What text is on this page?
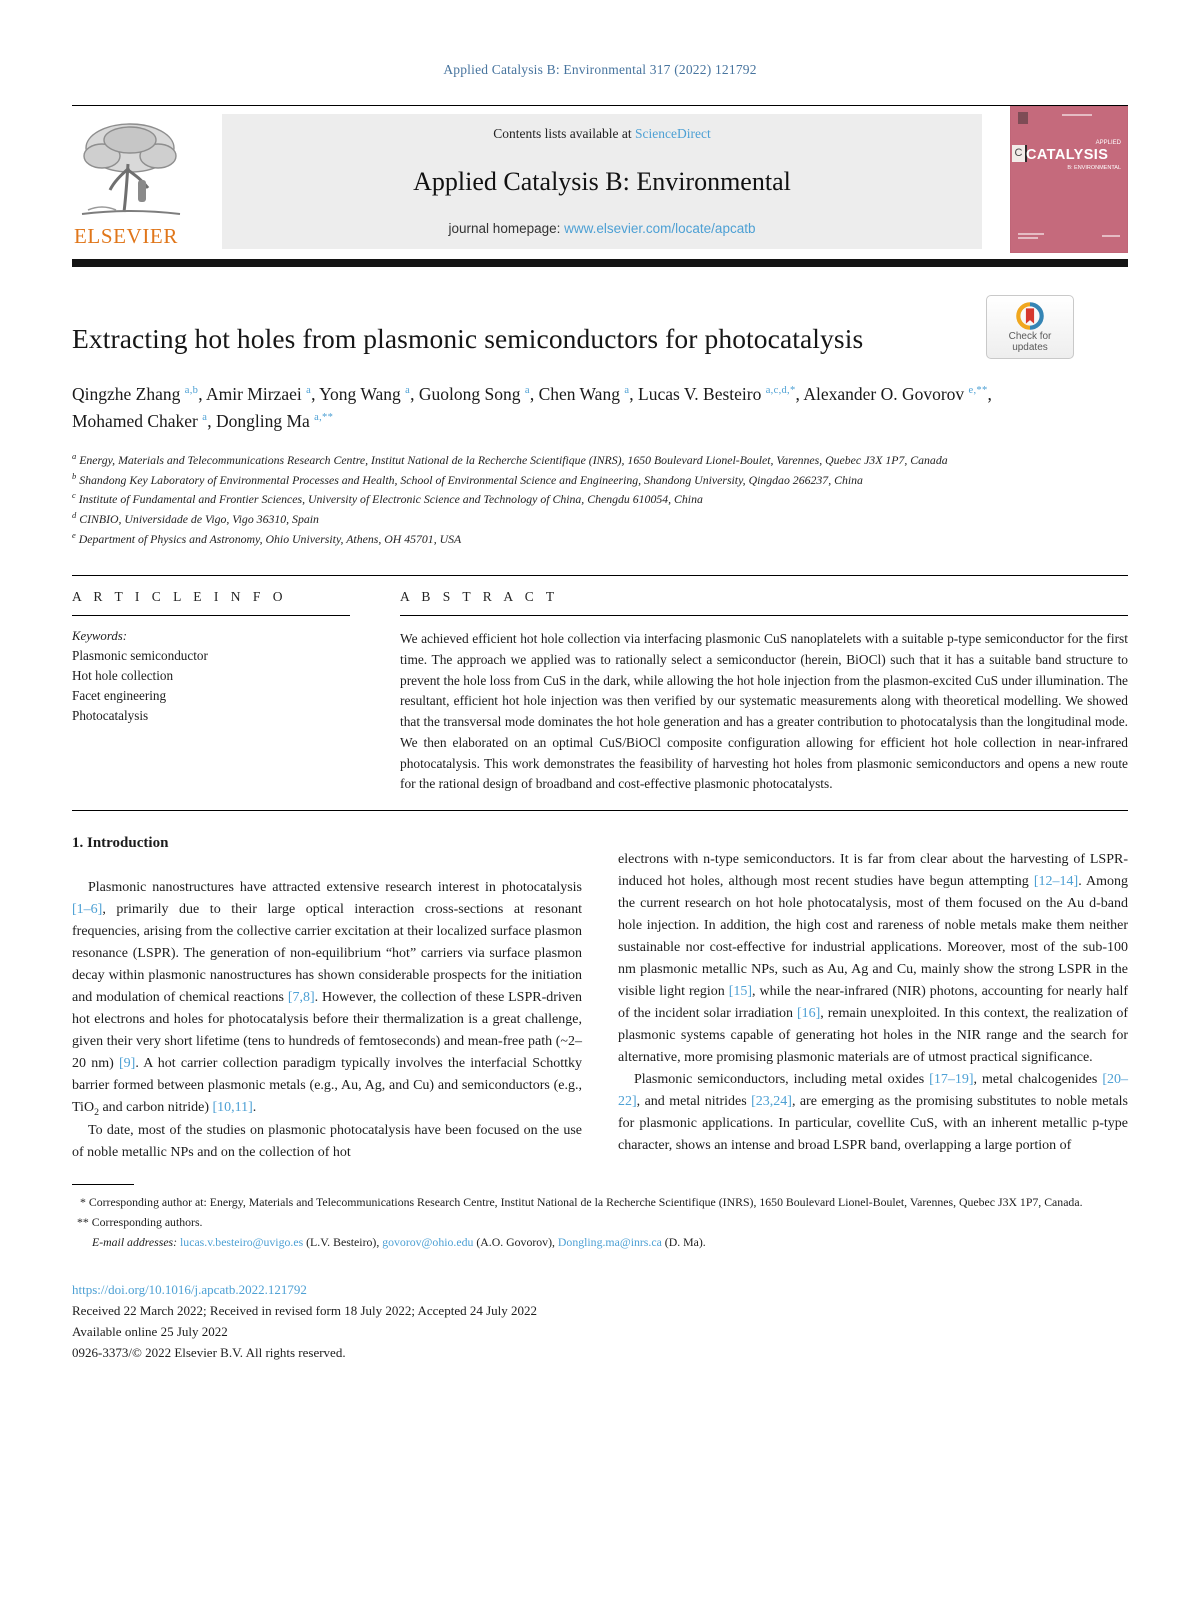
Applied Catalysis B: Environmental 317 (2022) 121792
ELSEVIER
Contents lists available at ScienceDirect
Applied Catalysis B: Environmental
journal homepage: www.elsevier.com/locate/apcatb
APPLIED
C CATALYSIS
B: ENVIRONMENTAL
Extracting hot holes from plasmonic semiconductors for photocatalysis
Qingzhe Zhang $^{a,b}$, Amir Mirzaei $^a$, Yong Wang $^a$, Guolong Song $^a$, Chen Wang $^a$, Lucas V. Besteiro $^{a,c,d,*}$, Alexander O. Govorov $^{e,**}$, Mohamed Chaker $^a$, Dongling Ma $^{a,**}$
$^a$ Energy, Materials and Telecommunications Research Centre, Institut National de la Recherche Scientifique (INRS), 1650 Boulevard Lionel-Boulet, Varennes, Quebec J3X 1P7, Canada
$^b$ Shandong Key Laboratory of Environmental Processes and Health, School of Environmental Science and Engineering, Shandong University, Qingdao 266237, China
$^c$ Institute of Fundamental and Frontier Sciences, University of Electronic Science and Technology of China, Chengdu 610054, China
$^d$ CINBIO, Universidade de Vigo, Vigo 36310, Spain
$^e$ Department of Physics and Astronomy, Ohio University, Athens, OH 45701, USA
A R T I C L E I N F O
Keywords:
Plasmonic semiconductor
Hot hole collection
Facet engineering
Photocatalysis
A B S T R A C T

We achieved efficient hot hole collection via interfacing plasmonic CuS nanoplatelets with a suitable p-type semiconductor for the first time. The approach we applied was to rationally select a semiconductor (herein, BiOCl) such that it has a suitable band structure to prevent the hole loss from CuS in the dark, while allowing the hot hole injection from the plasmon-excited CuS under illumination. The resultant, efficient hot hole injection was then verified by our systematic measurements along with theoretical modelling. We showed that the transversal mode dominates the hot hole generation and has a greater contribution to photocatalysis than the longitudinal mode. We then elaborated on an optimal CuS/BiOCl composite configuration allowing for efficient hot hole collection in near-infrared photocatalysis. This work demonstrates the feasibility of harvesting hot holes from plasmonic semiconductors and opens a new route for the rational design of broadband and cost-effective plasmonic photocatalysts.

1. Introduction

Plasmonic nanostructures have attracted extensive research interest in photocatalysis [1–6], primarily due to their large optical interaction cross-sections at resonant frequencies, arising from the collective carrier excitation at their localized surface plasmon resonance (LSPR). The generation of non-equilibrium “hot” carriers via surface plasmon decay within plasmonic nanostructures has shown considerable prospects for the initiation and modulation of chemical reactions [7,8]. However, the collection of these LSPR-driven hot electrons and holes for photocatalysis before their thermalization is a great challenge, given their very short lifetime (tens to hundreds of femtoseconds) and mean-free path (~2–20 nm) [9]. A hot carrier collection paradigm typically involves the interfacial Schottky barrier formed between plasmonic metals (e.g., Au, Ag, and Cu) and semiconductors (e.g., TiO$_2$ and carbon nitride) [10,11].

To date, most of the studies on plasmonic photocatalysis have been focused on the use of noble metallic NPs and on the collection of hot

electrons with n-type semiconductors. It is far from clear about the harvesting of LSPR-induced hot holes, although most recent studies have begun attempting [12–14]. Among the current research on hot hole photocatalysis, most of them focused on the Au d-band hole injection. In addition, the high cost and rareness of noble metals make them neither sustainable nor cost-effective for industrial applications. Moreover, most of the sub-100 nm plasmonic metallic NPs, such as Au, Ag and Cu, mainly show the strong LSPR in the visible light region [15], while the near-infrared (NIR) photons, accounting for nearly half of the incident solar irradiation [16], remain unexploited. In this context, the realization of plasmonic systems capable of generating hot holes in the NIR range and the search for alternative, more promising plasmonic materials are of utmost practical significance.

Plasmonic semiconductors, including metal oxides [17–19], metal chalcogenides [20–22], and metal nitrides [23,24], are emerging as the promising substitutes to noble metals for plasmonic applications. In particular, covellite CuS, with an inherent metallic p-type character, shows an intense and broad LSPR band, overlapping a large portion of

* Corresponding author at: Energy, Materials and Telecommunications Research Centre, Institut National de la Recherche Scientifique (INRS), 1650 Boulevard Lionel-Boulet, Varennes, Quebec J3X 1P7, Canada.
** Corresponding authors.
E-mail addresses: lucas.v.besteiro@uvigo.es (L.V. Besteiro), govorov@ohio.edu (A.O. Govorov), Dongling.ma@inrs.ca (D. Ma).
https://doi.org/10.1016/j.apcatb.2022.121792
Received 22 March 2022; Received in revised form 18 July 2022; Accepted 24 July 2022
Available online 25 July 2022
0926-3373/© 2022 Elsevier B.V. All rights reserved.
Check for
updates
